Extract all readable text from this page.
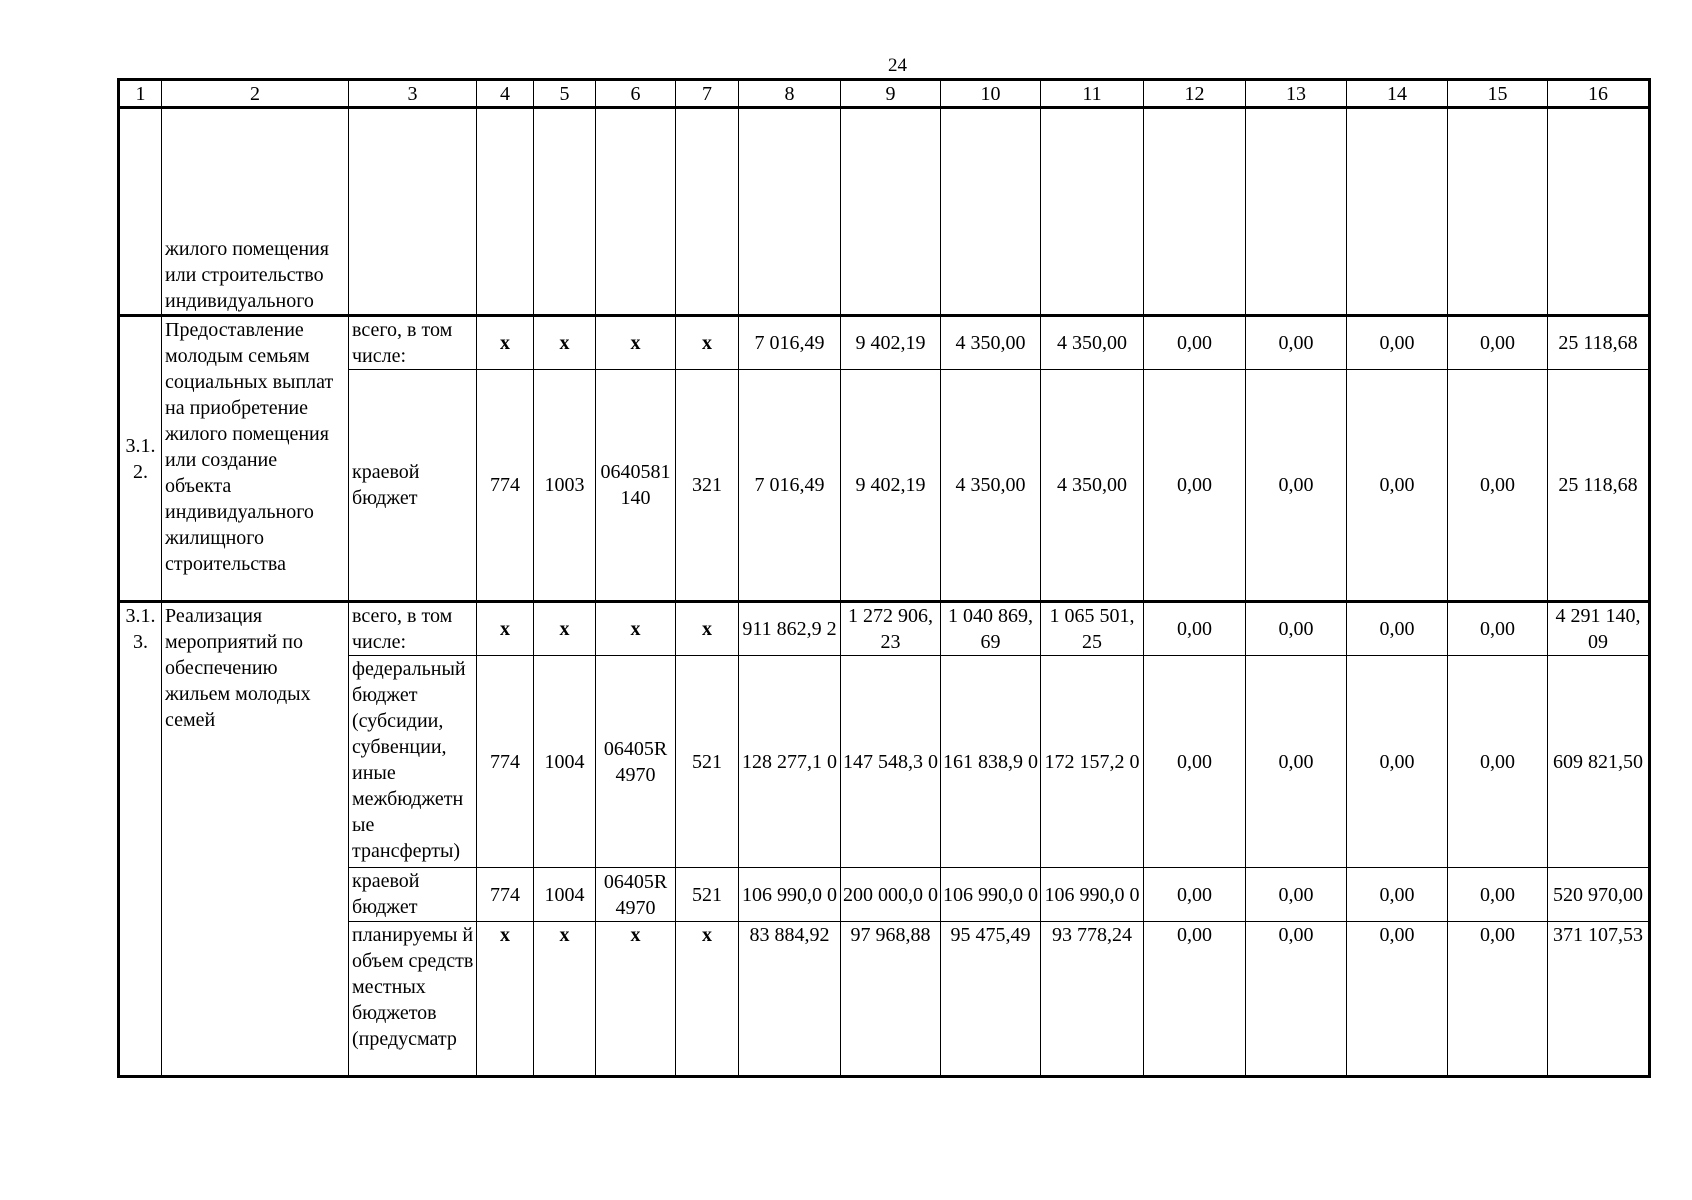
24
1	2	3	4	5	6	7	8	9	10	11	12	13	14	15	16
	жилого помещения или строительство индивидуального														
3.1. 2.	Предоставление молодым семьям социальных выплат на приобретение жилого помещения или создание объекта индивидуального жилищного строительства	всего, в том числе:	x	x	x	x	7 016,49	9 402,19	4 350,00	4 350,00	0,00	0,00	0,00	0,00	25 118,68
		краевой бюджет	774	1003	0640581 140	321	7 016,49	9 402,19	4 350,00	4 350,00	0,00	0,00	0,00	0,00	25 118,68
3.1. 3.	Реализация мероприятий по обеспечению жильем молодых семей	всего, в том числе:	x	x	x	x	911 862,9 2	1 272 906, 23	1 040 869, 69	1 065 501, 25	0,00	0,00	0,00	0,00	4 291 140, 09
		федеральный бюджет (субсидии, субвенции, иные межбюджетн ые трансферты)	774	1004	06405R 4970	521	128 277,1 0	147 548,3 0	161 838,9 0	172 157,2 0	0,00	0,00	0,00	0,00	609 821,50
		краевой бюджет	774	1004	06405R 4970	521	106 990,0 0	200 000,0 0	106 990,0 0	106 990,0 0	0,00	0,00	0,00	0,00	520 970,00
		планируемы й объем средств местных бюджетов (предусматр	x	x	x	x	83 884,92	97 968,88	95 475,49	93 778,24	0,00	0,00	0,00	0,00	371 107,53
